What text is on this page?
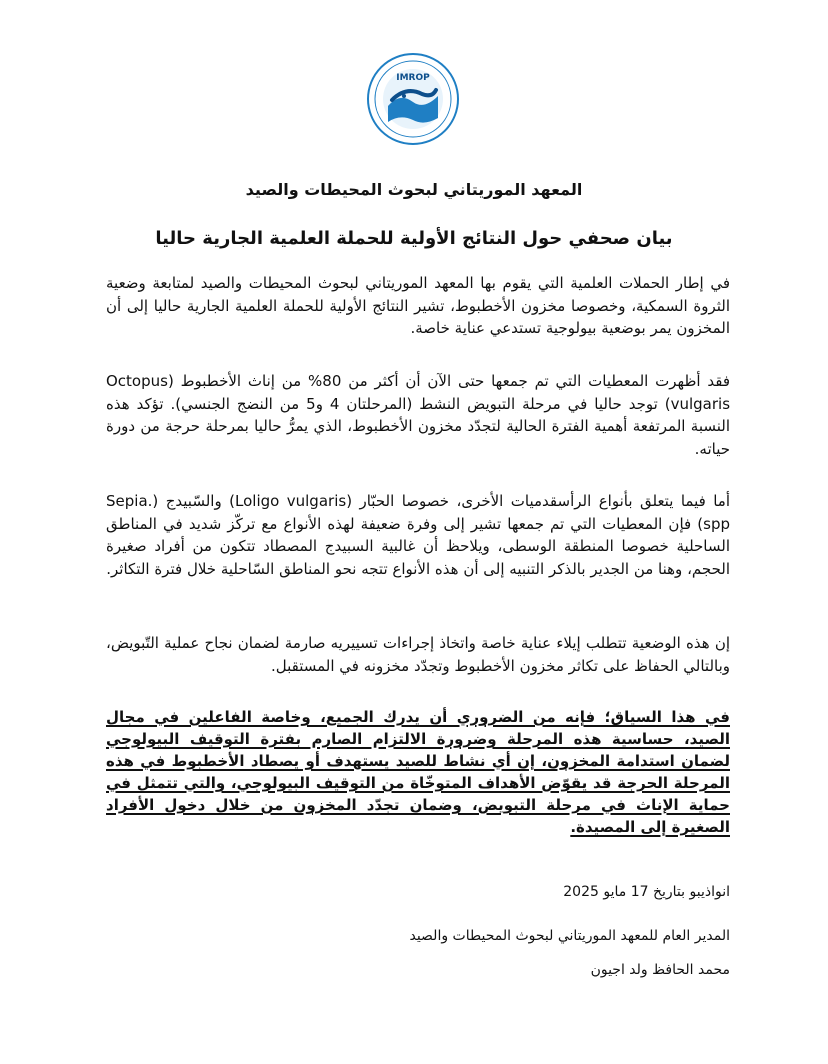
IMROP
المعهد الموريتاني لبحوث المحيطات والصيد
بيان صحفي حول النتائج الأولية للحملة العلمية الجارية حاليا

في إطار الحملات العلمية التي يقوم بها المعهد الموريتاني لبحوث المحيطات والصيد لمتابعة وضعية الثروة السمكية، وخصوصا مخزون الأخطبوط، تشير النتائج الأولية للحملة العلمية الجارية حاليا إلى أن المخزون يمر بوضعية بيولوجية تستدعي عناية خاصة.

فقد أظهرت المعطيات التي تم جمعها حتى الآن أن أكثر من 80% من إناث الأخطبوط (Octopus vulgaris) توجد حاليا في مرحلة التبويض النشط (المرحلتان 4 و5 من النضج الجنسي). تؤكد هذه النسبة المرتفعة أهمية الفترة الحالية لتجدّد مخزون الأخطبوط، الذي يمرُّ حاليا بمرحلة حرجة من دورة حياته.

أما فيما يتعلق بأنواع الرأسقدميات الأخرى، خصوصا الحبّار (Loligo vulgaris) والسّبيدج (.Sepia spp) فإن المعطيات التي تم جمعها تشير إلى وفرة ضعيفة لهذه الأنواع مع تركّز شديد في المناطق الساحلية خصوصا المنطقة الوسطى، ويلاحظ أن غالبية السبيدج المصطاد تتكون من أفراد صغيرة الحجم، وهنا من الجدير بالذكر التنبيه إلى أن هذه الأنواع تتجه نحو المناطق السّاحلية خلال فترة التكاثر.

إن هذه الوضعية تتطلب إيلاء عناية خاصة واتخاذ إجراءات تسييريه صارمة لضمان نجاح عملية التّبويض، وبالتالي الحفاظ على تكاثر مخزون الأخطبوط وتجدّد مخزونه في المستقبل.

في هذا السياق؛ فإنه من الضروري أن يدرك الجميع، وخاصة الفاعلين في مجال الصيد، حساسية هذه المرحلة وضرورة الالتزام الصارم بفترة التوقيف البيولوجي لضمان استدامة المخزون، إن أي نشاط للصيد يستهدف أو يصطاد الأخطبوط في هذه المرحلة الحرجة قد يقوّض الأهداف المتوخّاة من التوقيف البيولوجي، والتي تتمثل في حماية الإناث في مرحلة التبويض، وضمان تجدّد المخزون من خلال دخول الأفراد الصغيرة إلى المصيدة.

انواذيبو بتاريخ 17 مايو 2025

المدير العام للمعهد الموريتاني لبحوث المحيطات والصيد

محمد الحافظ ولد اجيون
